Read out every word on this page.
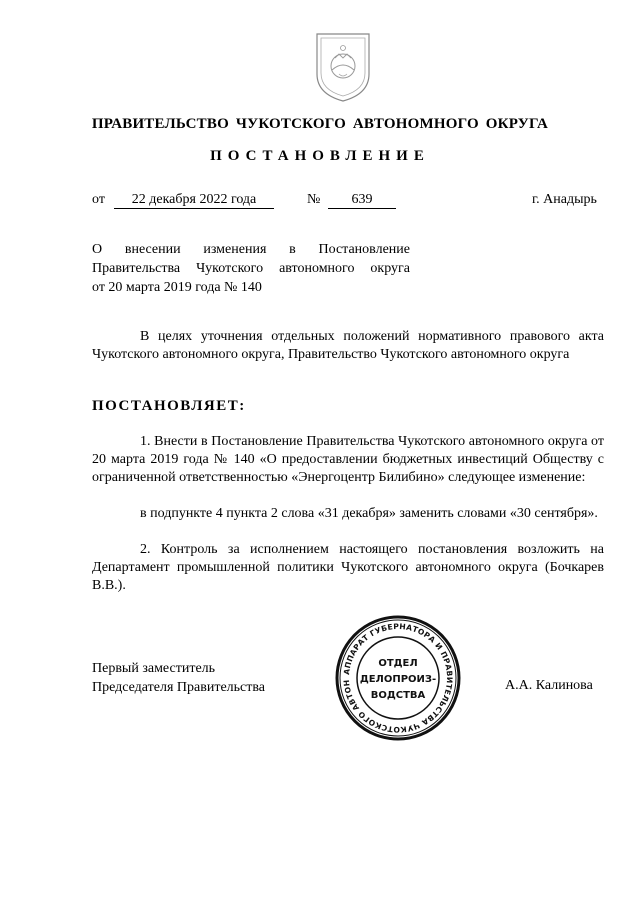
ПРАВИТЕЛЬСТВО ЧУКОТСКОГО АВТОНОМНОГО ОКРУГА
ПОСТАНОВЛЕНИЕ
от	22 декабря 2022 года	№	639	г. Анадырь
О внесении изменения в Постановление
Правительства Чукотского автономного округа
от 20 марта 2019 года № 140
В целях уточнения отдельных положений нормативного правового акта Чукотского автономного округа, Правительство Чукотского автономного округа
ПОСТАНОВЛЯЕТ:
1. Внести в Постановление Правительства Чукотского автономного округа от 20 марта 2019 года № 140 «О предоставлении бюджетных инвестиций Обществу с ограниченной ответственностью «Энергоцентр Билибино» следующее изменение:
в подпункте 4 пункта 2 слова «31 декабря» заменить словами «30 сентября».
2. Контроль за исполнением настоящего постановления возложить на Департамент промышленной политики Чукотского автономного округа (Бочкарев В.В.).
Первый заместитель
Председателя Правительства	А.А. Калинова
АППАРАТ ГУБЕРНАТОРА И ПРАВИТЕЛЬСТВА ЧУКОТСКОГО АВТОН
ОТДЕЛ
ДЕЛОПРОИЗ-
ВОДСТВА
